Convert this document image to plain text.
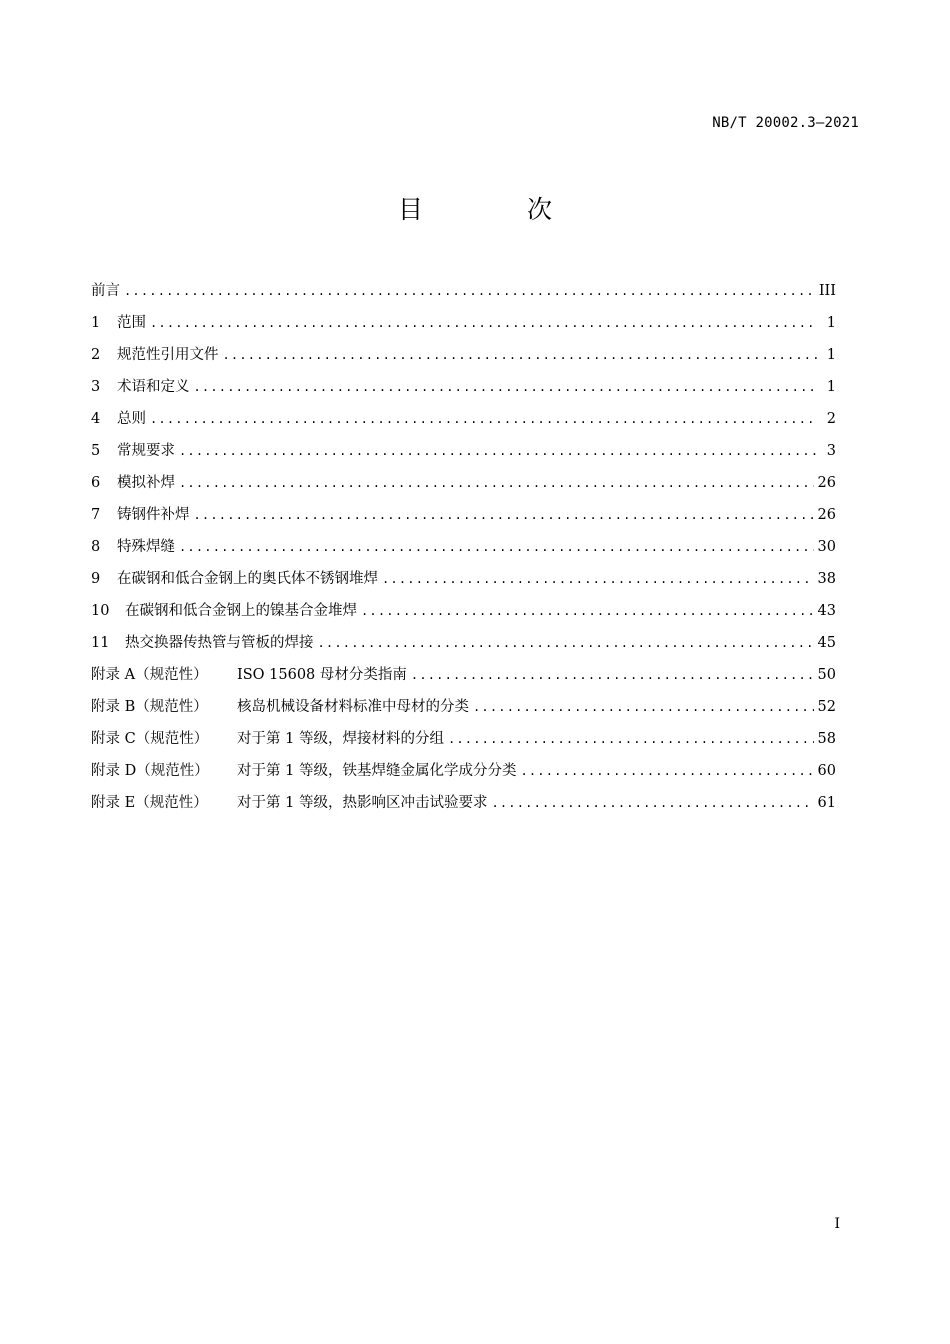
NB/T 20002.3—2021
目 次
前言 .....	III
1	范围 .....	1
2	规范性引用文件 .....	1
3	术语和定义 .....	1
4	总则 .....	2
5	常规要求 .....	3
6	模拟补焊 .....	26
7	铸钢件补焊 .....	26
8	特殊焊缝 .....	30
9	在碳钢和低合金钢上的奥氏体不锈钢堆焊 .....	38
10	在碳钢和低合金钢上的镍基合金堆焊 .....	43
11	热交换器传热管与管板的焊接 .....	45
附录 A（规范性）	ISO 15608 母材分类指南 .....	50
附录 B（规范性）	核岛机械设备材料标准中母材的分类 .....	52
附录 C（规范性）	对于第 1 等级，焊接材料的分组 .....	58
附录 D（规范性）	对于第 1 等级，铁基焊缝金属化学成分分类 .....	60
附录 E（规范性）	对于第 1 等级，热影响区冲击试验要求 .....	61
I
